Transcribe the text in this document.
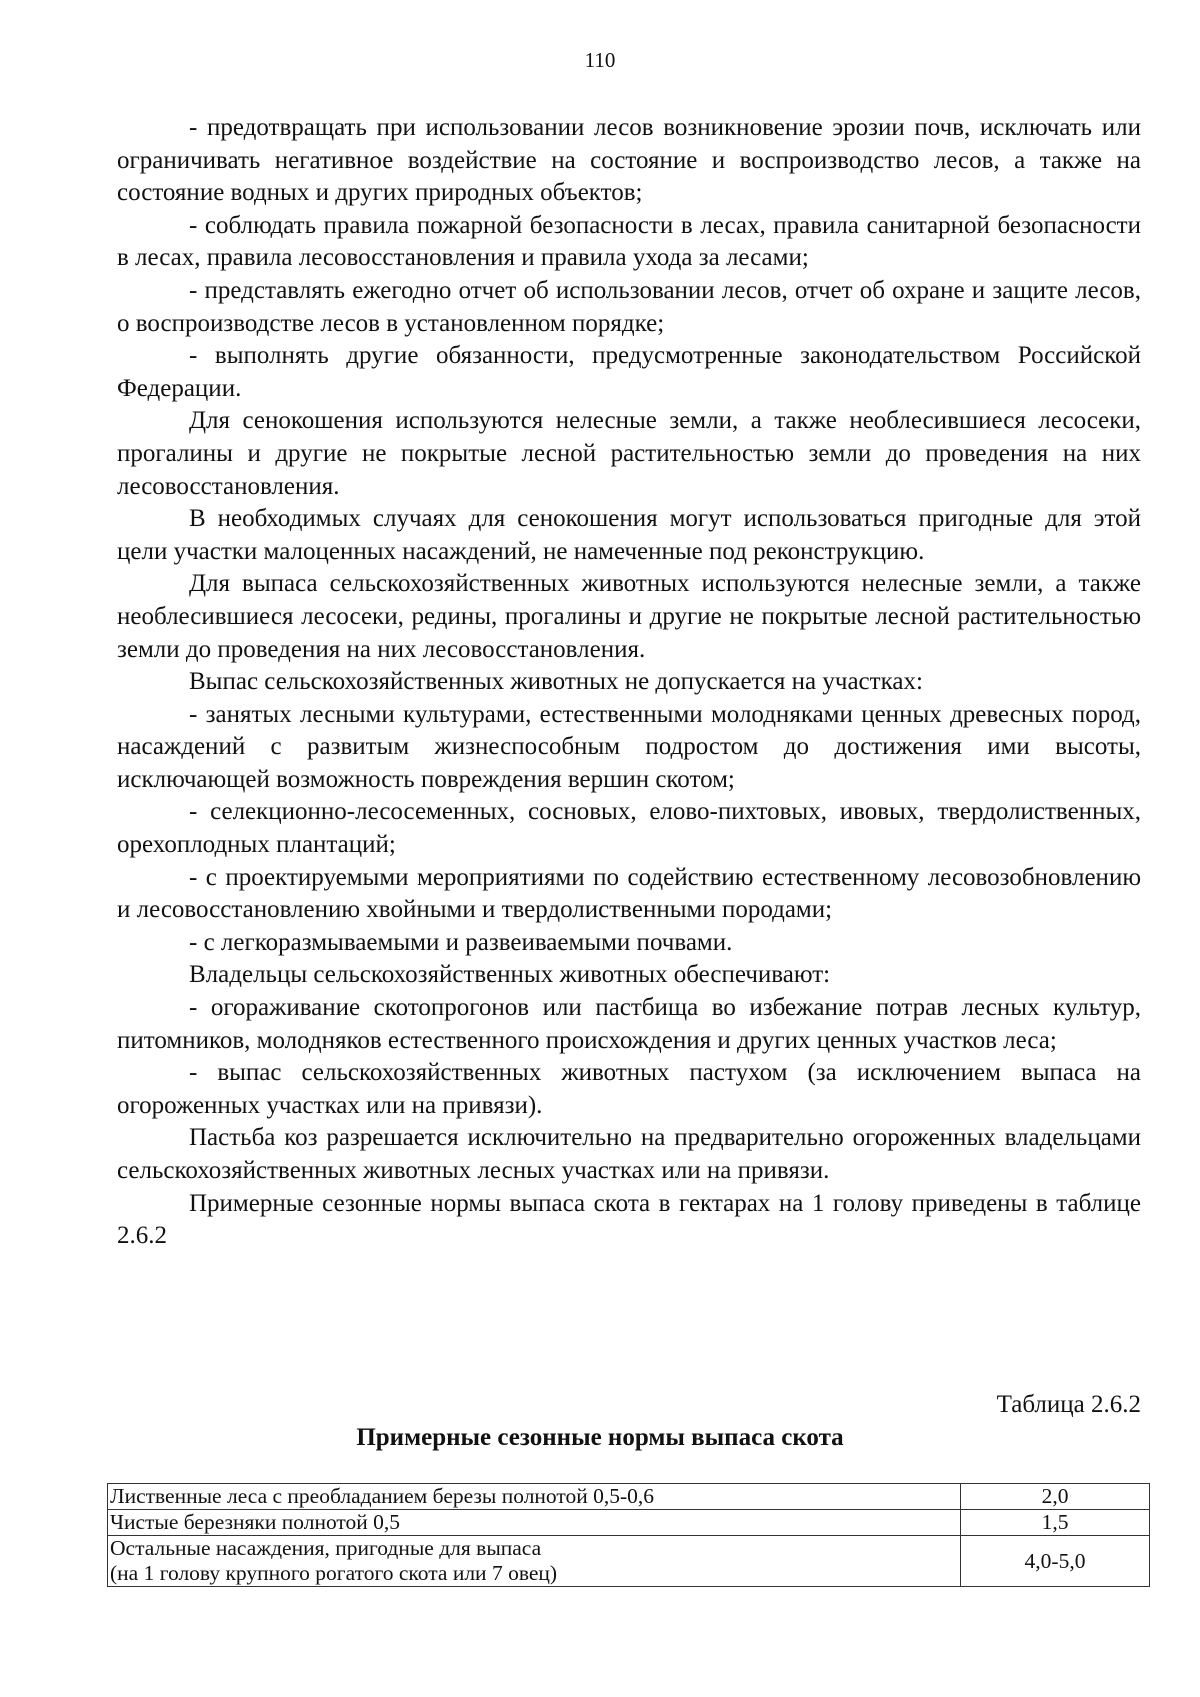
110

- предотвращать при использовании лесов возникновение эрозии почв, исключать или ограничивать негативное воздействие на состояние и воспроизводство лесов, а также на состояние водных и других природных объектов;

- соблюдать правила пожарной безопасности в лесах, правила санитарной безопасности в лесах, правила лесовосстановления и правила ухода за лесами;

- представлять ежегодно отчет об использовании лесов, отчет об охране и защите лесов, о воспроизводстве лесов в установленном порядке;

- выполнять другие обязанности, предусмотренные законодательством Российской Федерации.

Для сенокошения используются нелесные земли, а также необлесившиеся лесосеки, прогалины и другие не покрытые лесной растительностью земли до проведения на них лесовосстановления.

В необходимых случаях для сенокошения могут использоваться пригодные для этой цели участки малоценных насаждений, не намеченные под реконструкцию.

Для выпаса сельскохозяйственных животных используются нелесные земли, а также необлесившиеся лесосеки, редины, прогалины и другие не покрытые лесной растительностью земли до проведения на них лесовосстановления.

Выпас сельскохозяйственных животных не допускается на участках:

- занятых лесными культурами, естественными молодняками ценных древесных пород, насаждений с развитым жизнеспособным подростом до достижения ими высоты, исключающей возможность повреждения вершин скотом;

- селекционно-лесосеменных, сосновых, елово-пихтовых, ивовых, твердолиственных, орехоплодных плантаций;

- с проектируемыми мероприятиями по содействию естественному лесовозобновлению и лесовосстановлению хвойными и твердолиственными породами;

- с легкоразмываемыми и развеиваемыми почвами.

Владельцы сельскохозяйственных животных обеспечивают:

- огораживание скотопрогонов или пастбища во избежание потрав лесных культур, питомников, молодняков естественного происхождения и других ценных участков леса;

- выпас сельскохозяйственных животных пастухом (за исключением выпаса на огороженных участках или на привязи).

Пастьба коз разрешается исключительно на предварительно огороженных владельцами сельскохозяйственных животных лесных участках или на привязи.

Примерные сезонные нормы выпаса скота в гектарах на 1 голову приведены в таблице 2.6.2

Таблица 2.6.2
Примерные сезонные нормы выпаса скота
Лиственные леса с преобладанием березы полнотой 0,5-0,6	2,0
Чистые березняки полнотой 0,5	1,5
Остальные насаждения, пригодные для выпаса
(на 1 голову крупного рогатого скота или 7 овец)	4,0-5,0
